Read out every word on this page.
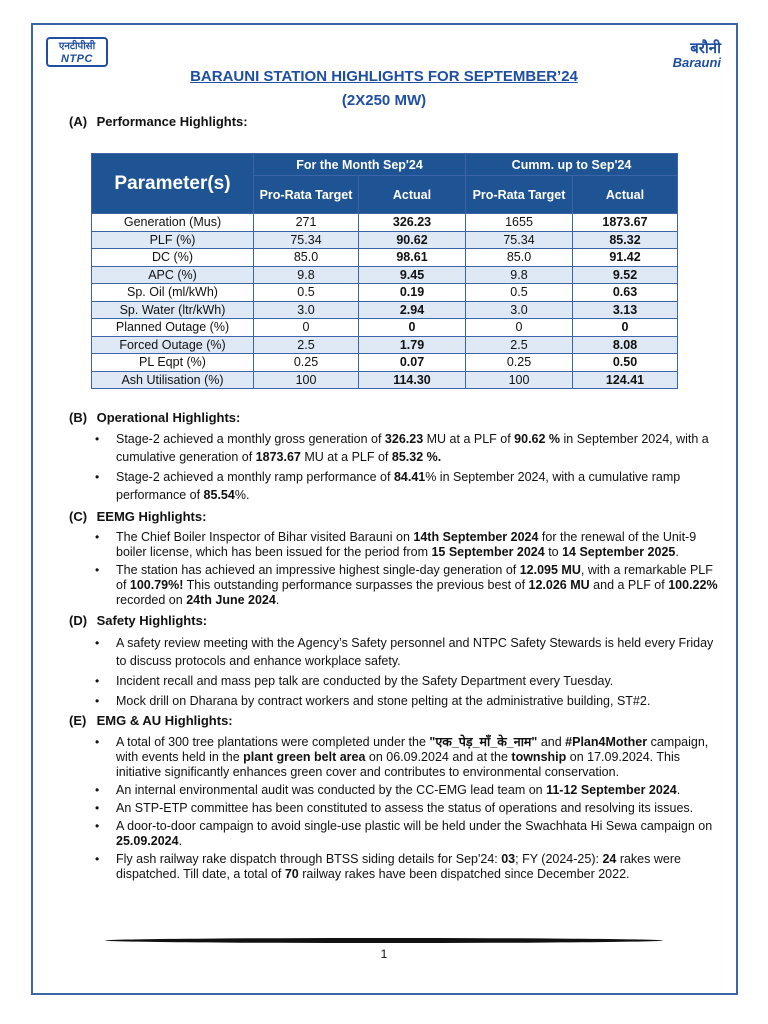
एनटीपीसी
NTPC
बरौनी
Barauni
BARAUNI STATION HIGHLIGHTS FOR SEPTEMBER’24
(2X250 MW)
(A) Performance Highlights:
Parameter(s)	For the Month Sep'24		Cumm. up to Sep'24	
	Pro-Rata Target	Actual	Pro-Rata Target	Actual
Generation (Mus)	271	326.23	1655	1873.67
PLF (%)	75.34	90.62	75.34	85.32
DC (%)	85.0	98.61	85.0	91.42
APC (%)	9.8	9.45	9.8	9.52
Sp. Oil (ml/kWh)	0.5	0.19	0.5	0.63
Sp. Water (ltr/kWh)	3.0	2.94	3.0	3.13
Planned Outage (%)	0	0	0	0
Forced Outage (%)	2.5	1.79	2.5	8.08
PL Eqpt (%)	0.25	0.07	0.25	0.50
Ash Utilisation (%)	100	114.30	100	124.41
(B) Operational Highlights:
• Stage-2 achieved a monthly gross generation of 326.23 MU at a PLF of 90.62 % in September 2024, with a cumulative generation of 1873.67 MU at a PLF of 85.32 %.
• Stage-2 achieved a monthly ramp performance of 84.41% in September 2024, with a cumulative ramp performance of 85.54%.
(C) EEMG Highlights:
• The Chief Boiler Inspector of Bihar visited Barauni on 14th September 2024 for the renewal of the Unit-9 boiler license, which has been issued for the period from 15 September 2024 to 14 September 2025.
• The station has achieved an impressive highest single-day generation of 12.095 MU, with a remarkable PLF of 100.79%! This outstanding performance surpasses the previous best of 12.026 MU and a PLF of 100.22% recorded on 24th June 2024.
(D) Safety Highlights:
• A safety review meeting with the Agency’s Safety personnel and NTPC Safety Stewards is held every Friday to discuss protocols and enhance workplace safety.
• Incident recall and mass pep talk are conducted by the Safety Department every Tuesday.
• Mock drill on Dharana by contract workers and stone pelting at the administrative building, ST#2.
(E) EMG & AU Highlights:
• A total of 300 tree plantations were completed under the "एक_पेड़_माँ_के_नाम" and #Plan4Mother campaign, with events held in the plant green belt area on 06.09.2024 and at the township on 17.09.2024. This initiative significantly enhances green cover and contributes to environmental conservation.
• An internal environmental audit was conducted by the CC-EMG lead team on 11-12 September 2024.
• An STP-ETP committee has been constituted to assess the status of operations and resolving its issues.
• A door-to-door campaign to avoid single-use plastic will be held under the Swachhata Hi Sewa campaign on 25.09.2024.
• Fly ash railway rake dispatch through BTSS siding details for Sep'24: 03; FY (2024-25): 24 rakes were dispatched. Till date, a total of 70 railway rakes have been dispatched since December 2022.
1
